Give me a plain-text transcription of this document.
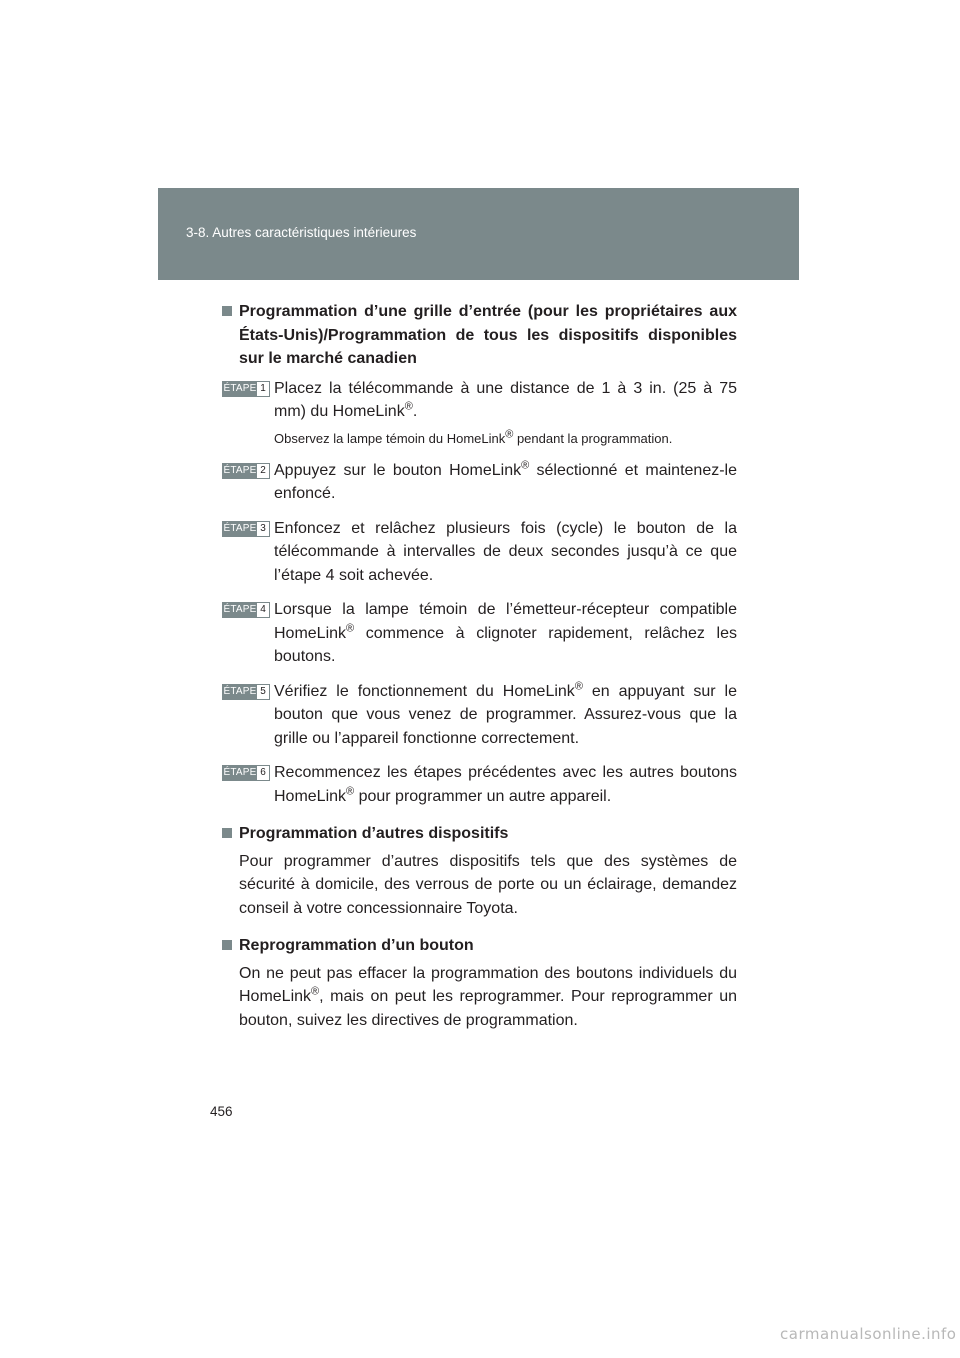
3-8. Autres caractéristiques intérieures
Programmation d’une grille d’entrée (pour les propriétaires aux États-Unis)/Programmation de tous les dispositifs disponibles sur le marché canadien
ÉTAPE 1 Placez la télécommande à une distance de 1 à 3 in. (25 à 75 mm) du HomeLink®.
Observez la lampe témoin du HomeLink® pendant la programmation.
ÉTAPE 2 Appuyez sur le bouton HomeLink® sélectionné et maintenez-le enfoncé.
ÉTAPE 3 Enfoncez et relâchez plusieurs fois (cycle) le bouton de la télécommande à intervalles de deux secondes jusqu’à ce que l’étape 4 soit achevée.
ÉTAPE 4 Lorsque la lampe témoin de l’émetteur-récepteur compatible HomeLink® commence à clignoter rapidement, relâchez les boutons.
ÉTAPE 5 Vérifiez le fonctionnement du HomeLink® en appuyant sur le bouton que vous venez de programmer. Assurez-vous que la grille ou l’appareil fonctionne correctement.
ÉTAPE 6 Recommencez les étapes précédentes avec les autres boutons HomeLink® pour programmer un autre appareil.
Programmation d’autres dispositifs
Pour programmer d’autres dispositifs tels que des systèmes de sécurité à domicile, des verrous de porte ou un éclairage, demandez conseil à votre concessionnaire Toyota.
Reprogrammation d’un bouton
On ne peut pas effacer la programmation des boutons individuels du HomeLink®, mais on peut les reprogrammer. Pour reprogrammer un bouton, suivez les directives de programmation.
456
carmanualsonline.info
